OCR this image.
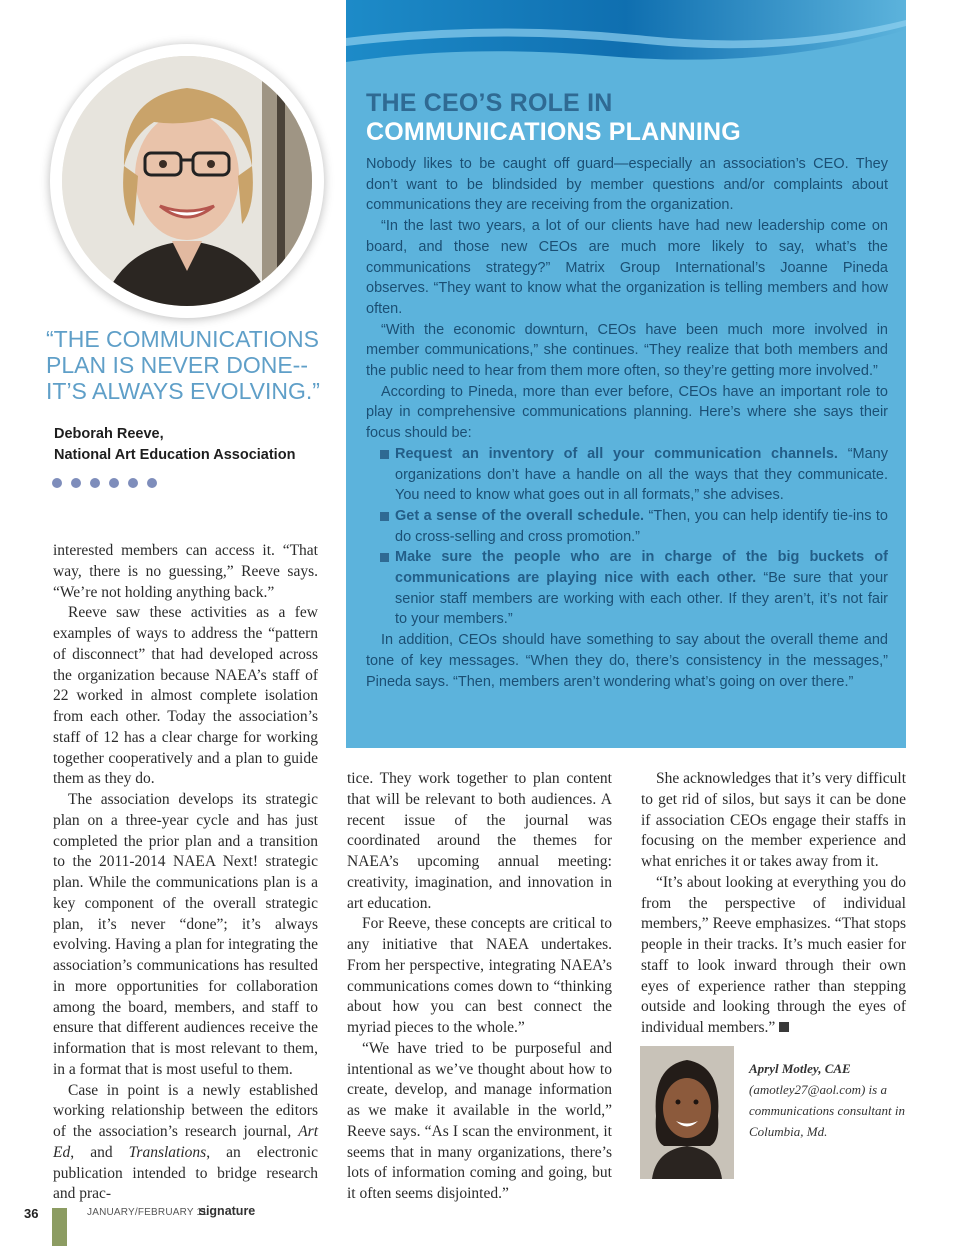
“THE COMMUNICATIONS
PLAN IS NEVER DONE--
IT’S ALWAYS EVOLVING.”
Deborah Reeve,
National Art Education Association
THE CEO’S ROLE IN
COMMUNICATIONS PLANNING

Nobody likes to be caught off guard—especially an association’s CEO. They don’t want to be blindsided by member questions and/or complaints about communications they are receiving from the organization.

“In the last two years, a lot of our clients have had new leadership come on board, and those new CEOs are much more likely to say, what’s the communications strategy?” Matrix Group International’s Joanne Pineda observes. “They want to know what the organization is telling members and how often.

“With the economic downturn, CEOs have been much more involved in member communications,” she continues. “They realize that both members and the public need to hear from them more often, so they’re getting more involved.”

According to Pineda, more than ever before, CEOs have an important role to play in comprehensive communications planning. Here’s where she says their focus should be:

Request an inventory of all your communication channels. “Many organizations don’t have a handle on all the ways that they communicate. You need to know what goes out in all formats,” she advises.
Get a sense of the overall schedule. “Then, you can help identify tie-ins to do cross-selling and cross promotion.”
Make sure the people who are in charge of the big buckets of communications are playing nice with each other. “Be sure that your senior staff members are working with each other. If they aren’t, it’s not fair to your members.”

In addition, CEOs should have something to say about the overall theme and tone of key messages. “When they do, there’s consistency in the messages,” Pineda says. “Then, members aren’t wondering what’s going on over there.”

interested members can access it. “That way, there is no guessing,” Reeve says. “We’re not holding anything back.”

Reeve saw these activities as a few examples of ways to address the “pattern of disconnect” that had developed across the organization because NAEA’s staff of 22 worked in almost complete isolation from each other. Today the association’s staff of 12 has a clear charge for working together cooperatively and a plan to guide them as they do.

The association develops its strategic plan on a three-year cycle and has just completed the prior plan and a transition to the 2011-2014 NAEA Next! strategic plan. While the communications plan is a key component of the overall strategic plan, it’s never “done”; it’s always evolving. Having a plan for integrating the association’s communications has resulted in more opportunities for collaboration among the board, members, and staff to ensure that different audiences receive the information that is most relevant to them, in a format that is most useful to them.

Case in point is a newly established working relationship between the editors of the association’s research journal, Art Ed, and Translations, an electronic publication intended to bridge research and prac-

tice. They work together to plan content that will be relevant to both audiences. A recent issue of the journal was coordinated around the themes for NAEA’s upcoming annual meeting: creativity, imagination, and innovation in art education.

For Reeve, these concepts are critical to any initiative that NAEA undertakes. From her perspective, integrating NAEA’s communications comes down to “thinking about how you can best connect the myriad pieces to the whole.”

“We have tried to be purposeful and intentional as we’ve thought about how to create, develop, and manage information as we make it available in the world,” Reeve says. “As I scan the environment, it seems that in many organizations, there’s lots of information coming and going, but it often seems disjointed.”

She acknowledges that it’s very difficult to get rid of silos, but says it can be done if association CEOs engage their staffs in focusing on the member experience and what enriches it or takes away from it.

“It’s about looking at everything you do from the perspective of individual members,” Reeve emphasizes. “That stops people in their tracks. It’s much easier for staff to look inward through their own eyes of experience rather than stepping outside and looking through the eyes of individual members.”

Apryl Motley, CAE
(amotley27@aol.com) is a
communications consultant in
Columbia, Md.
36	JANUARY/FEBRUARY 11
signature
